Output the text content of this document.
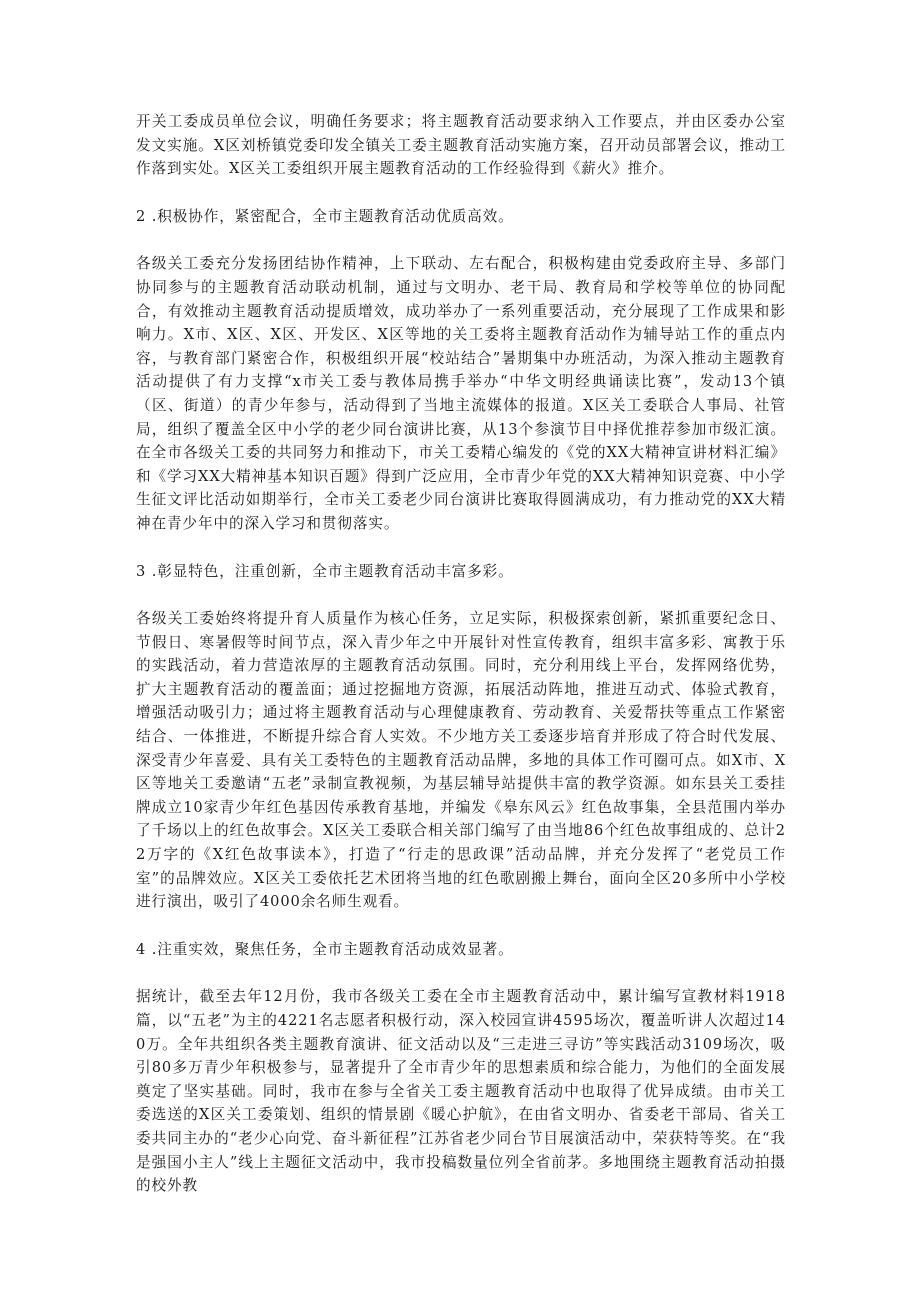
开关工委成员单位会议，明确任务要求；将主题教育活动要求纳入工作要点，并由区委办公室发文实施。X区刘桥镇党委印发全镇关工委主题教育活动实施方案，召开动员部署会议，推动工作落到实处。X区关工委组织开展主题教育活动的工作经验得到《薪火》推介。

2 .积极协作，紧密配合，全市主题教育活动优质高效。

各级关工委充分发扬团结协作精神，上下联动、左右配合，积极构建由党委政府主导、多部门协同参与的主题教育活动联动机制，通过与文明办、老干局、教育局和学校等单位的协同配合，有效推动主题教育活动提质增效，成功举办了一系列重要活动，充分展现了工作成果和影响力。X市、X区、X区、开发区、X区等地的关工委将主题教育活动作为辅导站工作的重点内容，与教育部门紧密合作，积极组织开展“校站结合”暑期集中办班活动，为深入推动主题教育活动提供了有力支撑“x市关工委与教体局携手举办“中华文明经典诵读比赛”，发动13个镇（区、街道）的青少年参与，活动得到了当地主流媒体的报道。X区关工委联合人事局、社管局，组织了覆盖全区中小学的老少同台演讲比赛，从13个参演节目中择优推荐参加市级汇演。在全市各级关工委的共同努力和推动下，市关工委精心编发的《党的XX大精神宣讲材料汇编》和《学习XX大精神基本知识百题》得到广泛应用，全市青少年党的XX大精神知识竞赛、中小学生征文评比活动如期举行，全市关工委老少同台演讲比赛取得圆满成功，有力推动党的XX大精神在青少年中的深入学习和贯彻落实。

3 .彰显特色，注重创新，全市主题教育活动丰富多彩。

各级关工委始终将提升育人质量作为核心任务，立足实际，积极探索创新，紧抓重要纪念日、节假日、寒暑假等时间节点，深入青少年之中开展针对性宣传教育，组织丰富多彩、寓教于乐的实践活动，着力营造浓厚的主题教育活动氛围。同时，充分利用线上平台，发挥网络优势，扩大主题教育活动的覆盖面；通过挖掘地方资源，拓展活动阵地，推进互动式、体验式教育，增强活动吸引力；通过将主题教育活动与心理健康教育、劳动教育、关爱帮扶等重点工作紧密结合、一体推进，不断提升综合育人实效。不少地方关工委逐步培育并形成了符合时代发展、深受青少年喜爱、具有关工委特色的主题教育活动品牌，多地的具体工作可圈可点。如X市、X区等地关工委邀请“五老”录制宣教视频，为基层辅导站提供丰富的教学资源。如东县关工委挂牌成立10家青少年红色基因传承教育基地，并编发《皋东风云》红色故事集，全县范围内举办了千场以上的红色故事会。X区关工委联合相关部门编写了由当地86个红色故事组成的、总计22万字的《X红色故事读本》，打造了“行走的思政课”活动品牌，并充分发挥了“老党员工作室”的品牌效应。X区关工委依托艺术团将当地的红色歌剧搬上舞台，面向全区20多所中小学校进行演出，吸引了4000余名师生观看。

4 .注重实效，聚焦任务，全市主题教育活动成效显著。

据统计，截至去年12月份，我市各级关工委在全市主题教育活动中，累计编写宣教材料1918篇，以“五老”为主的4221名志愿者积极行动，深入校园宣讲4595场次，覆盖听讲人次超过140万。全年共组织各类主题教育演讲、征文活动以及“三走进三寻访”等实践活动3109场次，吸引80多万青少年积极参与，显著提升了全市青少年的思想素质和综合能力，为他们的全面发展奠定了坚实基础。同时，我市在参与全省关工委主题教育活动中也取得了优异成绩。由市关工委选送的X区关工委策划、组织的情景剧《暖心护航》，在由省文明办、省委老干部局、省关工委共同主办的“老少心向党、奋斗新征程”江苏省老少同台节目展演活动中，荣获特等奖。在“我是强国小主人”线上主题征文活动中，我市投稿数量位列全省前茅。多地围绕主题教育活动拍摄的校外教
